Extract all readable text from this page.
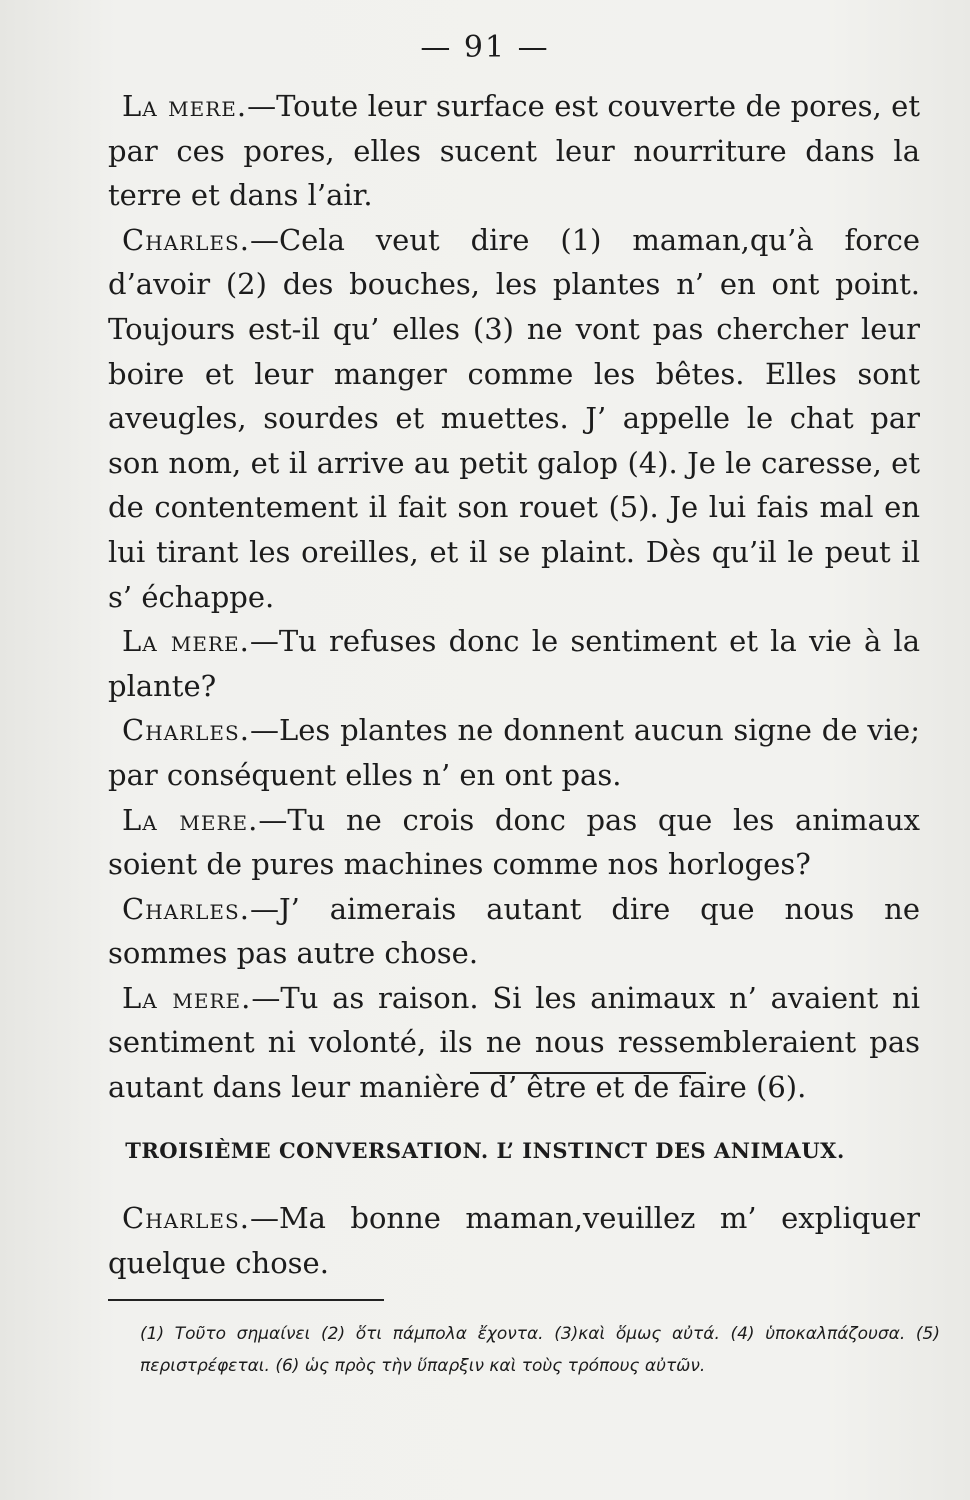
— 91 —

La mere.—Toute leur surface est couverte de pores, et par ces pores, elles sucent leur nourriture dans la terre et dans l’air.

Charles.—Cela veut dire (1) maman,qu’à force d’avoir (2) des bouches, les plantes n’ en ont point. Toujours est-il qu’ elles (3) ne vont pas chercher leur boire et leur manger comme les bêtes. Elles sont aveugles, sourdes et muettes. J’ appelle le chat par son nom, et il arrive au petit galop (4). Je le caresse, et de contentement il fait son rouet (5). Je lui fais mal en lui tirant les oreilles, et il se plaint. Dès qu’il le peut il s’ échappe.

La mere.—Tu refuses donc le sentiment et la vie à la plante?

Charles.—Les plantes ne donnent aucun signe de vie; par conséquent elles n’ en ont pas.

La mere.—Tu ne crois donc pas que les animaux soient de pures machines comme nos horloges?

Charles.—J’ aimerais autant dire que nous ne sommes pas autre chose.

La mere.—Tu as raison. Si les animaux n’ avaient ni sentiment ni volonté, ils ne nous ressembleraient pas autant dans leur manière d’ être et de faire (6).

TROISIÈME CONVERSATION. L’ INSTINCT DES ANIMAUX.

Charles.—Ma bonne maman,veuillez m’ expliquer quelque chose.

(1) Τοῦτο σημαίνει (2) ὅτι πάμπολα ἔχοντα. (3)καὶ ὅμως αὐτά. (4) ὑποκαλπάζουσα. (5) περιστρέφεται. (6) ὡς πρὸς τὴν ὕπαρξιν καὶ τοὺς τρόπους αὐτῶν.
